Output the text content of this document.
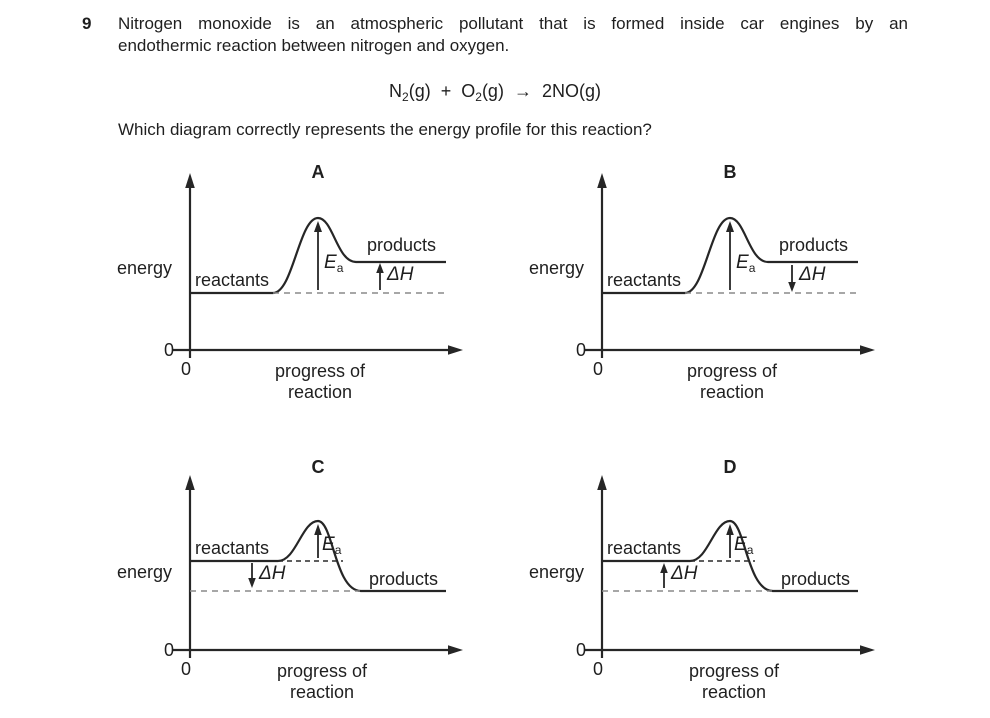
9 Nitrogen monoxide is an atmospheric pollutant that is formed inside car engines by an
endothermic reaction between nitrogen and oxygen.
$N_2(g) + O_2(g) \to 2NO(g)$
Which diagram correctly represents the energy profile for this reaction?
A
energy
reactants
products
$E_a$ ΔH
0
0	progress of
reaction
B
energy
reactants
products
$E_a$ ΔH
0
0	progress of
reaction
C
energy
reactants
products
$E_a$
ΔH
0
0	progress of
reaction
D
energy
reactants
products
$E_a$
ΔH
0
0	progress of
reaction
